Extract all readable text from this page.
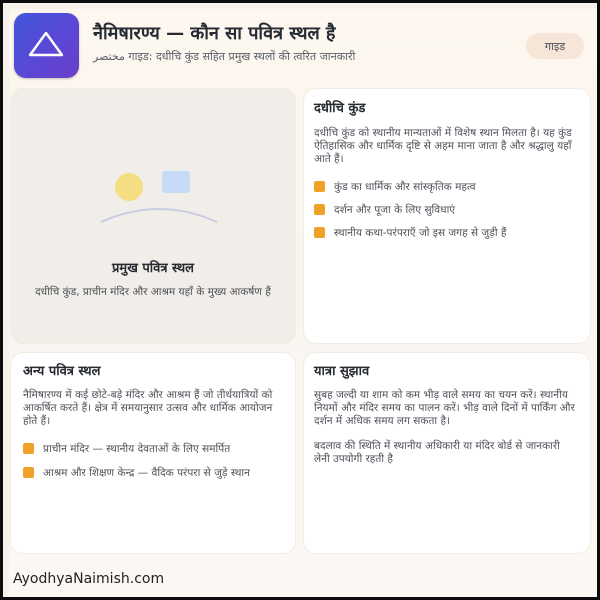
नैमिषारण्य — कौन सा पवित्र स्थल है
مختصر गाइड: दधीचि कुंड सहित प्रमुख स्थलों की त्वरित जानकारी
गाइड
प्रमुख पवित्र स्थल
दधीचि कुंड, प्राचीन मंदिर और आश्रम यहाँ के मुख्य आकर्षण हैं
दधीचि कुंड
दधीचि कुंड को स्थानीय मान्यताओं में विशेष स्थान मिलता है। यह कुंड ऐतिहासिक और धार्मिक दृष्टि से अहम माना जाता है और श्रद्धालु यहाँ आते हैं।
कुंड का धार्मिक और सांस्कृतिक महत्व
दर्शन और पूजा के लिए सुविधाएं
स्थानीय कथा-परंपराएँ जो इस जगह से जुड़ी हैं
अन्य पवित्र स्थल
नैमिषारण्य में कई छोटे-बड़े मंदिर और आश्रम हैं जो तीर्थयात्रियों को आकर्षित करते हैं। क्षेत्र में समयानुसार उत्सव और धार्मिक आयोजन होते हैं।
प्राचीन मंदिर — स्थानीय देवताओं के लिए समर्पित
आश्रम और शिक्षण केन्द्र — वैदिक परंपरा से जुड़े स्थान
यात्रा सुझाव
सुबह जल्दी या शाम को कम भीड़ वाले समय का चयन करें। स्थानीय नियमों और मंदिर समय का पालन करें। भीड़ वाले दिनों में पार्किंग और दर्शन में अधिक समय लग सकता है।
बदलाव की स्थिति में स्थानीय अधिकारी या मंदिर बोर्ड से जानकारी लेनी उपयोगी रहती है
AyodhyaNaimish.com
